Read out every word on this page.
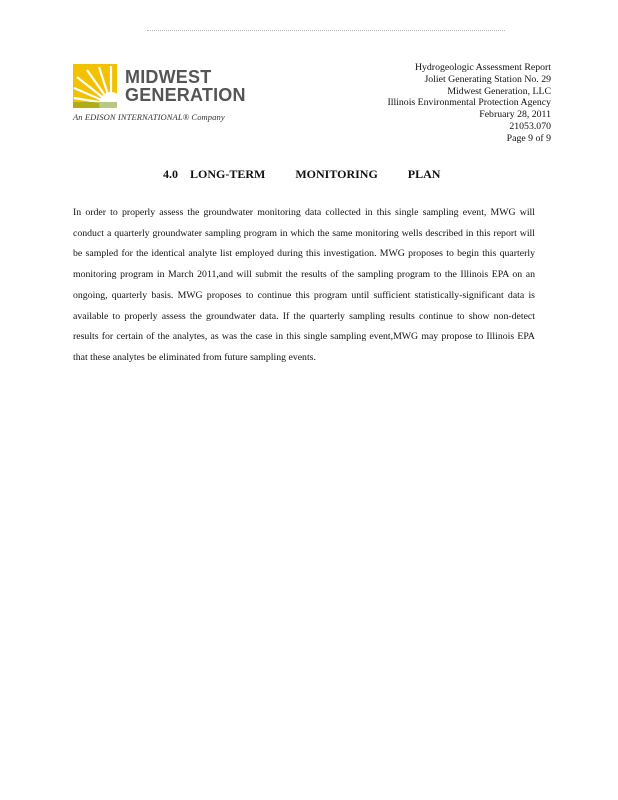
MIDWEST
GENERATION
An EDISON INTERNATIONAL® Company
Hydrogeologic Assessment Report
Joliet Generating Station No. 29
Midwest Generation, LLC
Illinois Environmental Protection Agency
February 28, 2011
21053.070
Page 9 of 9
4.0    LONG-TERM          MONITORING          PLAN
In order to properly assess the groundwater monitoring data collected in this single sampling event, MWG will conduct a quarterly groundwater sampling program in which the same monitoring wells described in this report will be sampled for the identical analyte list employed during this investigation. MWG proposes to begin this quarterly monitoring program in March 2011,and will submit the results of the sampling program to the Illinois EPA on an ongoing, quarterly basis. MWG proposes to continue this program until sufficient statistically-significant data is available to properly assess the groundwater data. If the quarterly sampling results continue to show non-detect results for certain of the analytes, as was the case in this single sampling event,MWG may propose to Illinois EPA that these analytes be eliminated from future sampling events.
